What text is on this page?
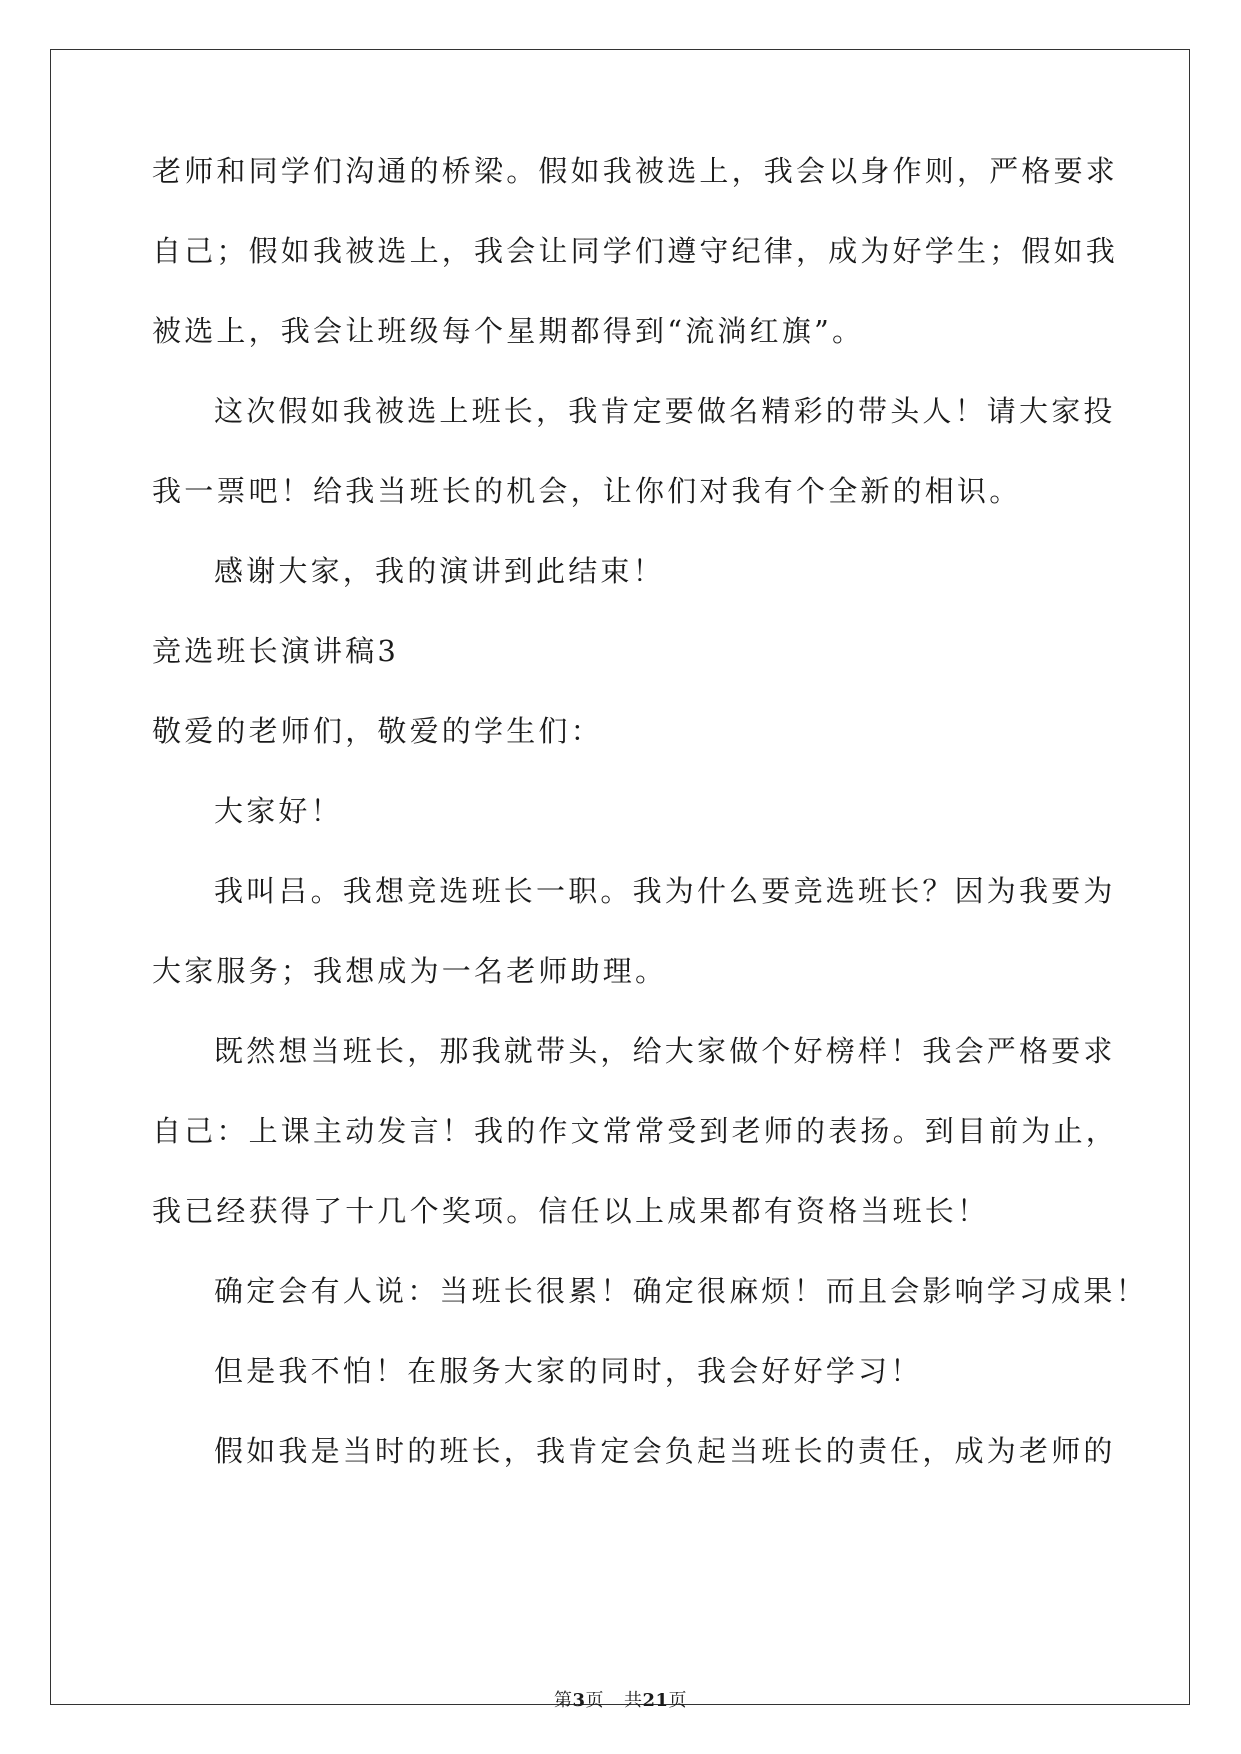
老师和同学们沟通的桥梁。假如我被选上，我会以身作则，严格要求
自己；假如我被选上，我会让同学们遵守纪律，成为好学生；假如我
被选上，我会让班级每个星期都得到“流淌红旗”。
这次假如我被选上班长，我肯定要做名精彩的带头人！请大家投
我一票吧！给我当班长的机会，让你们对我有个全新的相识。
感谢大家，我的演讲到此结束！
竞选班长演讲稿3
敬爱的老师们，敬爱的学生们：
大家好！
我叫吕。我想竞选班长一职。我为什么要竞选班长？因为我要为
大家服务；我想成为一名老师助理。
既然想当班长，那我就带头，给大家做个好榜样！我会严格要求
自己：上课主动发言！我的作文常常受到老师的表扬。到目前为止，
我已经获得了十几个奖项。信任以上成果都有资格当班长！
确定会有人说：当班长很累！确定很麻烦！而且会影响学习成果！
但是我不怕！在服务大家的同时，我会好好学习！
假如我是当时的班长，我肯定会负起当班长的责任，成为老师的
第3页 共21页
